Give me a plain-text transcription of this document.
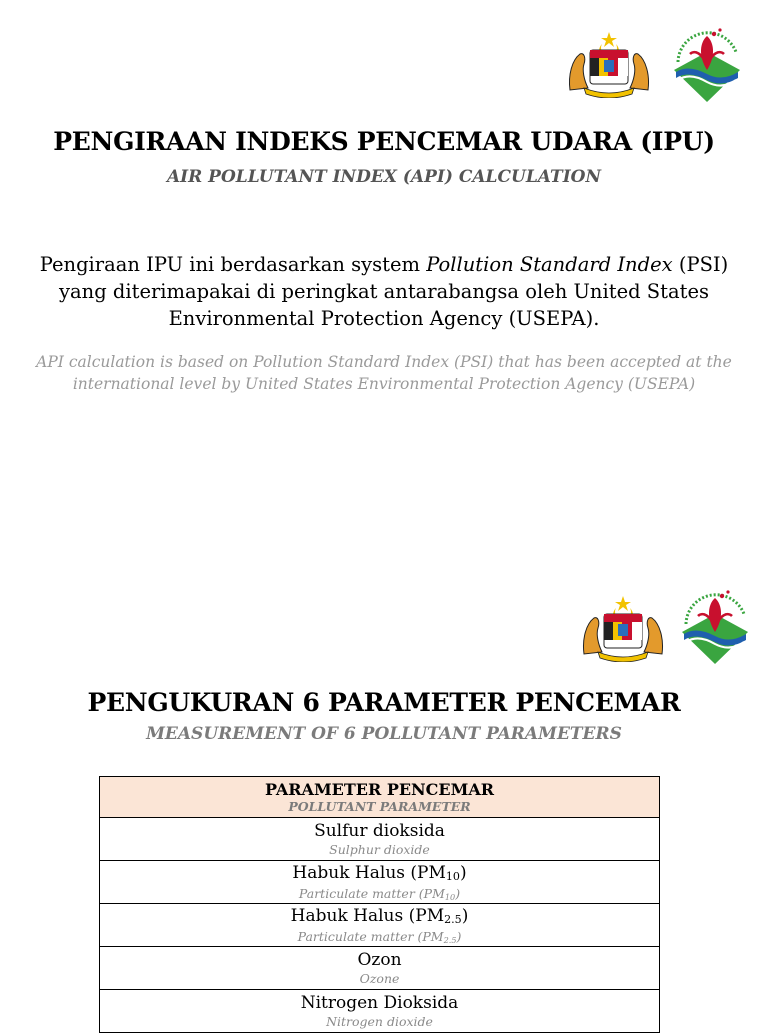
PENGIRAAN INDEKS PENCEMAR UDARA (IPU)
AIR POLLUTANT INDEX (API) CALCULATION
Pengiraan IPU ini berdasarkan system Pollution Standard Index (PSI) yang diterimapakai di peringkat antarabangsa oleh United States Environmental Protection Agency (USEPA).
API calculation is based on Pollution Standard Index (PSI) that has been accepted at the international level by United States Environmental Protection Agency (USEPA)
PENGUKURAN 6 PARAMETER PENCEMAR
MEASUREMENT OF 6 POLLUTANT PARAMETERS
PARAMETER PENCEMAR
POLLUTANT PARAMETER

Sulfur dioksida
Sulphur dioxide

Habuk Halus $(PM_{10})$
Particulate matter $(PM_{10})$

Habuk Halus $(PM_{2.5})$
Particulate matter $(PM_{2.5})$

Ozon
Ozone

Nitrogen Dioksida
Nitrogen dioxide
